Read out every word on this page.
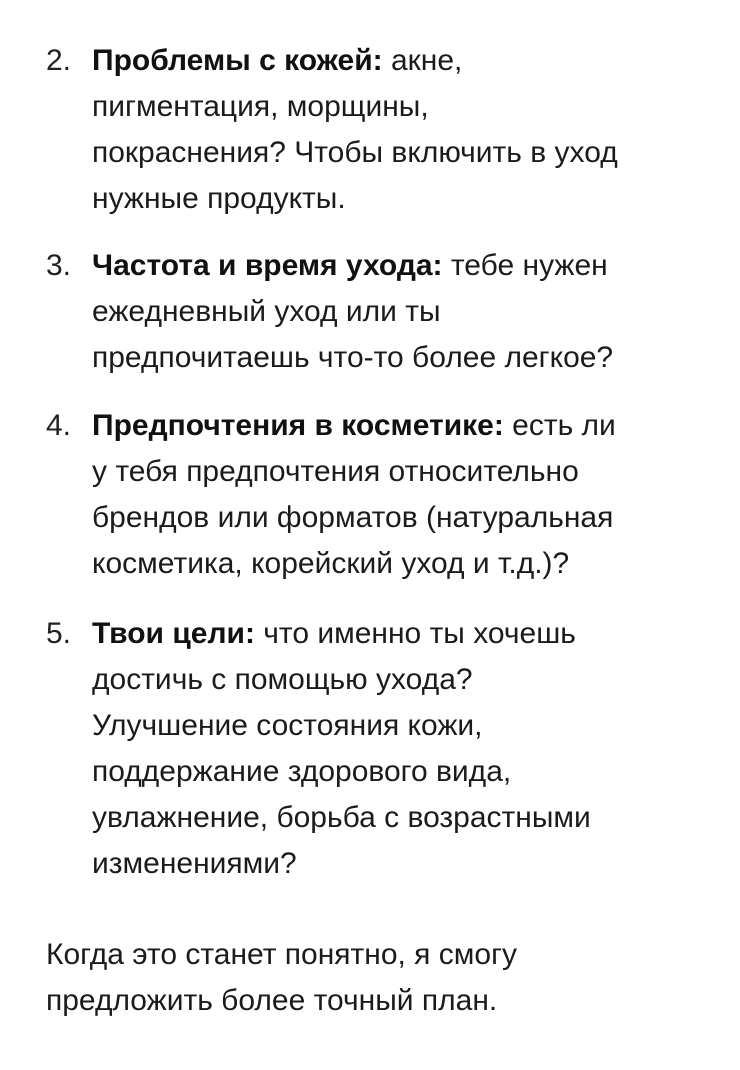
2. Проблемы с кожей: акне,
пигментация, морщины,
покраснения? Чтобы включить в уход
нужные продукты.
3. Частота и время ухода: тебе нужен
ежедневный уход или ты
предпочитаешь что-то более легкое?
4. Предпочтения в косметике: есть ли
у тебя предпочтения относительно
брендов или форматов (натуральная
косметика, корейский уход и т.д.)?
5. Твои цели: что именно ты хочешь
достичь с помощью ухода?
Улучшение состояния кожи,
поддержание здорового вида,
увлажнение, борьба с возрастными
изменениями?
Когда это станет понятно, я смогу
предложить более точный план.
